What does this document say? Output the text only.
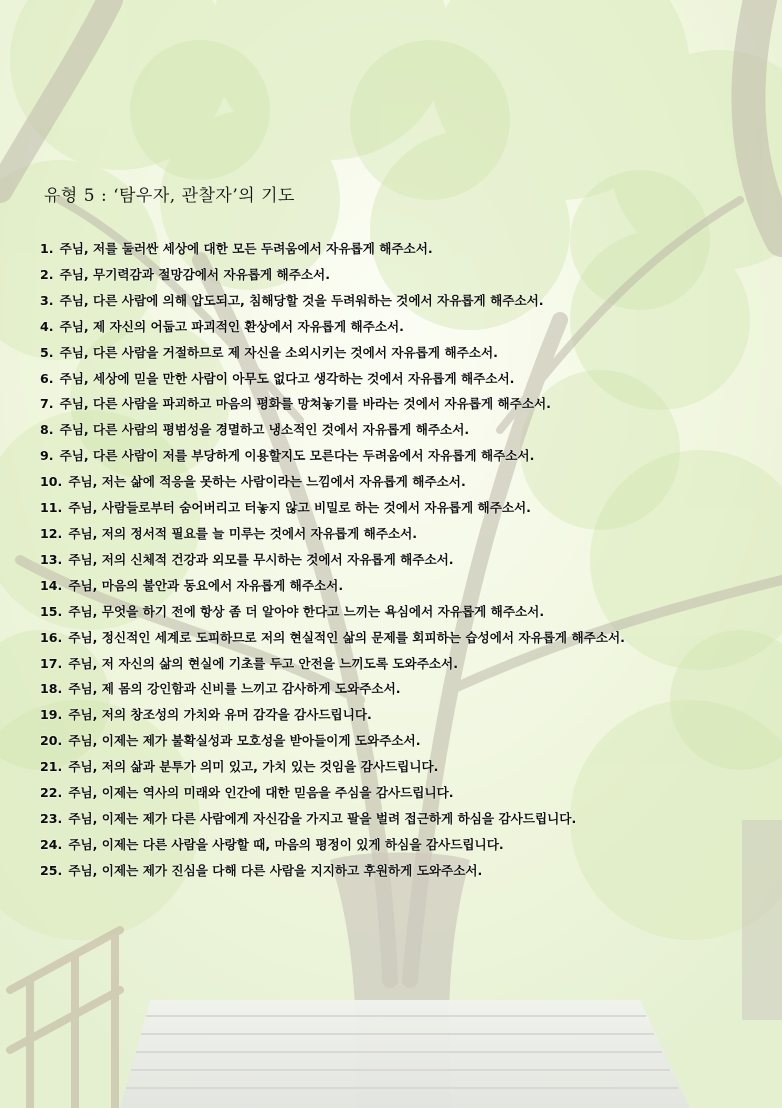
유형 5 : ‘탐우자, 관찰자’의 기도
1. 주님, 저를 둘러싼 세상에 대한 모든 두려움에서 자유롭게 해주소서.
2. 주님, 무기력감과 절망감에서 자유롭게 해주소서.
3. 주님, 다른 사람에 의해 압도되고, 침해당할 것을 두려워하는 것에서 자유롭게 해주소서.
4. 주님, 제 자신의 어둡고 파괴적인 환상에서 자유롭게 해주소서.
5. 주님, 다른 사람을 거절하므로 제 자신을 소외시키는 것에서 자유롭게 해주소서.
6. 주님, 세상에 믿을 만한 사람이 아무도 없다고 생각하는 것에서 자유롭게 해주소서.
7. 주님, 다른 사람을 파괴하고 마음의 평화를 망쳐놓기를 바라는 것에서 자유롭게 해주소서.
8. 주님, 다른 사람의 평범성을 경멸하고 냉소적인 것에서 자유롭게 해주소서.
9. 주님, 다른 사람이 저를 부당하게 이용할지도 모른다는 두려움에서 자유롭게 해주소서.
10. 주님, 저는 삶에 적응을 못하는 사람이라는 느낌에서 자유롭게 해주소서.
11. 주님, 사람들로부터 숨어버리고 터놓지 않고 비밀로 하는 것에서 자유롭게 해주소서.
12. 주님, 저의 정서적 필요를 늘 미루는 것에서 자유롭게 해주소서.
13. 주님, 저의 신체적 건강과 외모를 무시하는 것에서 자유롭게 해주소서.
14. 주님, 마음의 불안과 동요에서 자유롭게 해주소서.
15. 주님, 무엇을 하기 전에 항상 좀 더 알아야 한다고 느끼는 욕심에서 자유롭게 해주소서.
16. 주님, 정신적인 세계로 도피하므로 저의 현실적인 삶의 문제를 회피하는 습성에서 자유롭게 해주소서.
17. 주님, 저 자신의 삶의 현실에 기초를 두고 안전을 느끼도록 도와주소서.
18. 주님, 제 몸의 강인함과 신비를 느끼고 감사하게 도와주소서.
19. 주님, 저의 창조성의 가치와 유머 감각을 감사드립니다.
20. 주님, 이제는 제가 불확실성과 모호성을 받아들이게 도와주소서.
21. 주님, 저의 삶과 분투가 의미 있고, 가치 있는 것임을 감사드립니다.
22. 주님, 이제는 역사의 미래와 인간에 대한 믿음을 주심을 감사드립니다.
23. 주님, 이제는 제가 다른 사람에게 자신감을 가지고 팔을 벌려 접근하게 하심을 감사드립니다.
24. 주님, 이제는 다른 사람을 사랑할 때, 마음의 평정이 있게 하심을 감사드립니다.
25. 주님, 이제는 제가 진심을 다해 다른 사람을 지지하고 후원하게 도와주소서.
